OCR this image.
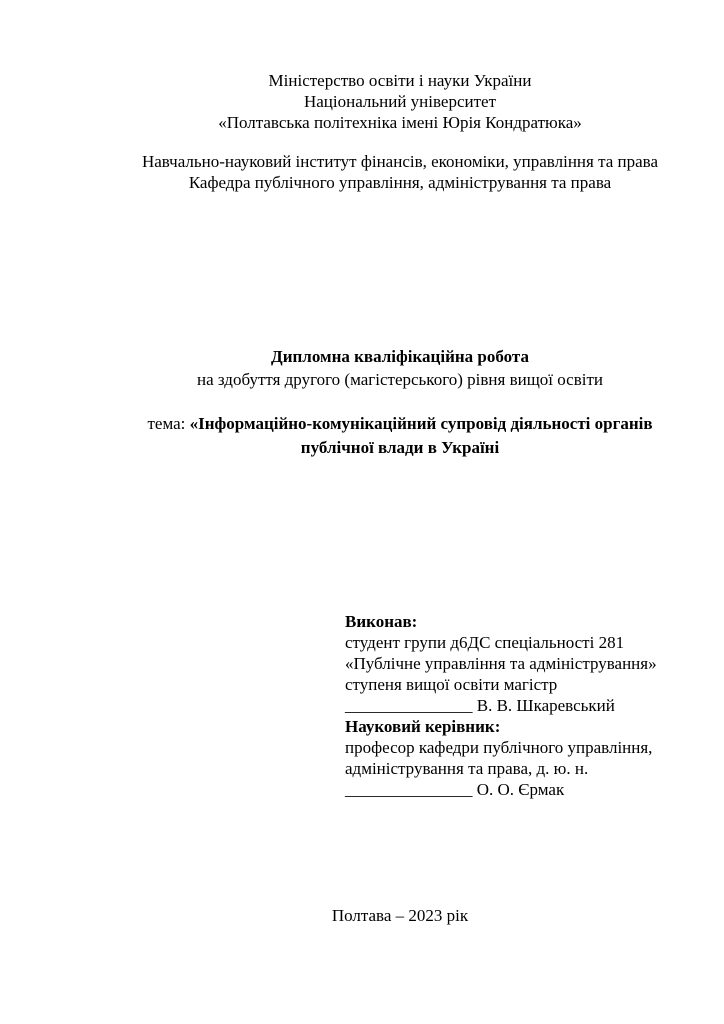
Міністерство освіти і науки України
Національний університет
«Полтавська політехніка імені Юрія Кондратюка»
Навчально-науковий інститут фінансів, економіки, управління та права
Кафедра публічного управління, адміністрування та права
Дипломна кваліфікаційна робота
на здобуття другого (магістерського) рівня вищої освіти
тема: «Інформаційно-комунікаційний супровід діяльності органів
публічної влади в Україні
Виконав:
студент групи д6ДС спеціальності 281
«Публічне управління та адміністрування»
ступеня вищої освіти магістр
_______________ В. В. Шкаревський
Науковий керівник:
професор кафедри публічного управління,
адміністрування та права, д. ю. н.
_______________ О. О. Єрмак
Полтава – 2023 рік
